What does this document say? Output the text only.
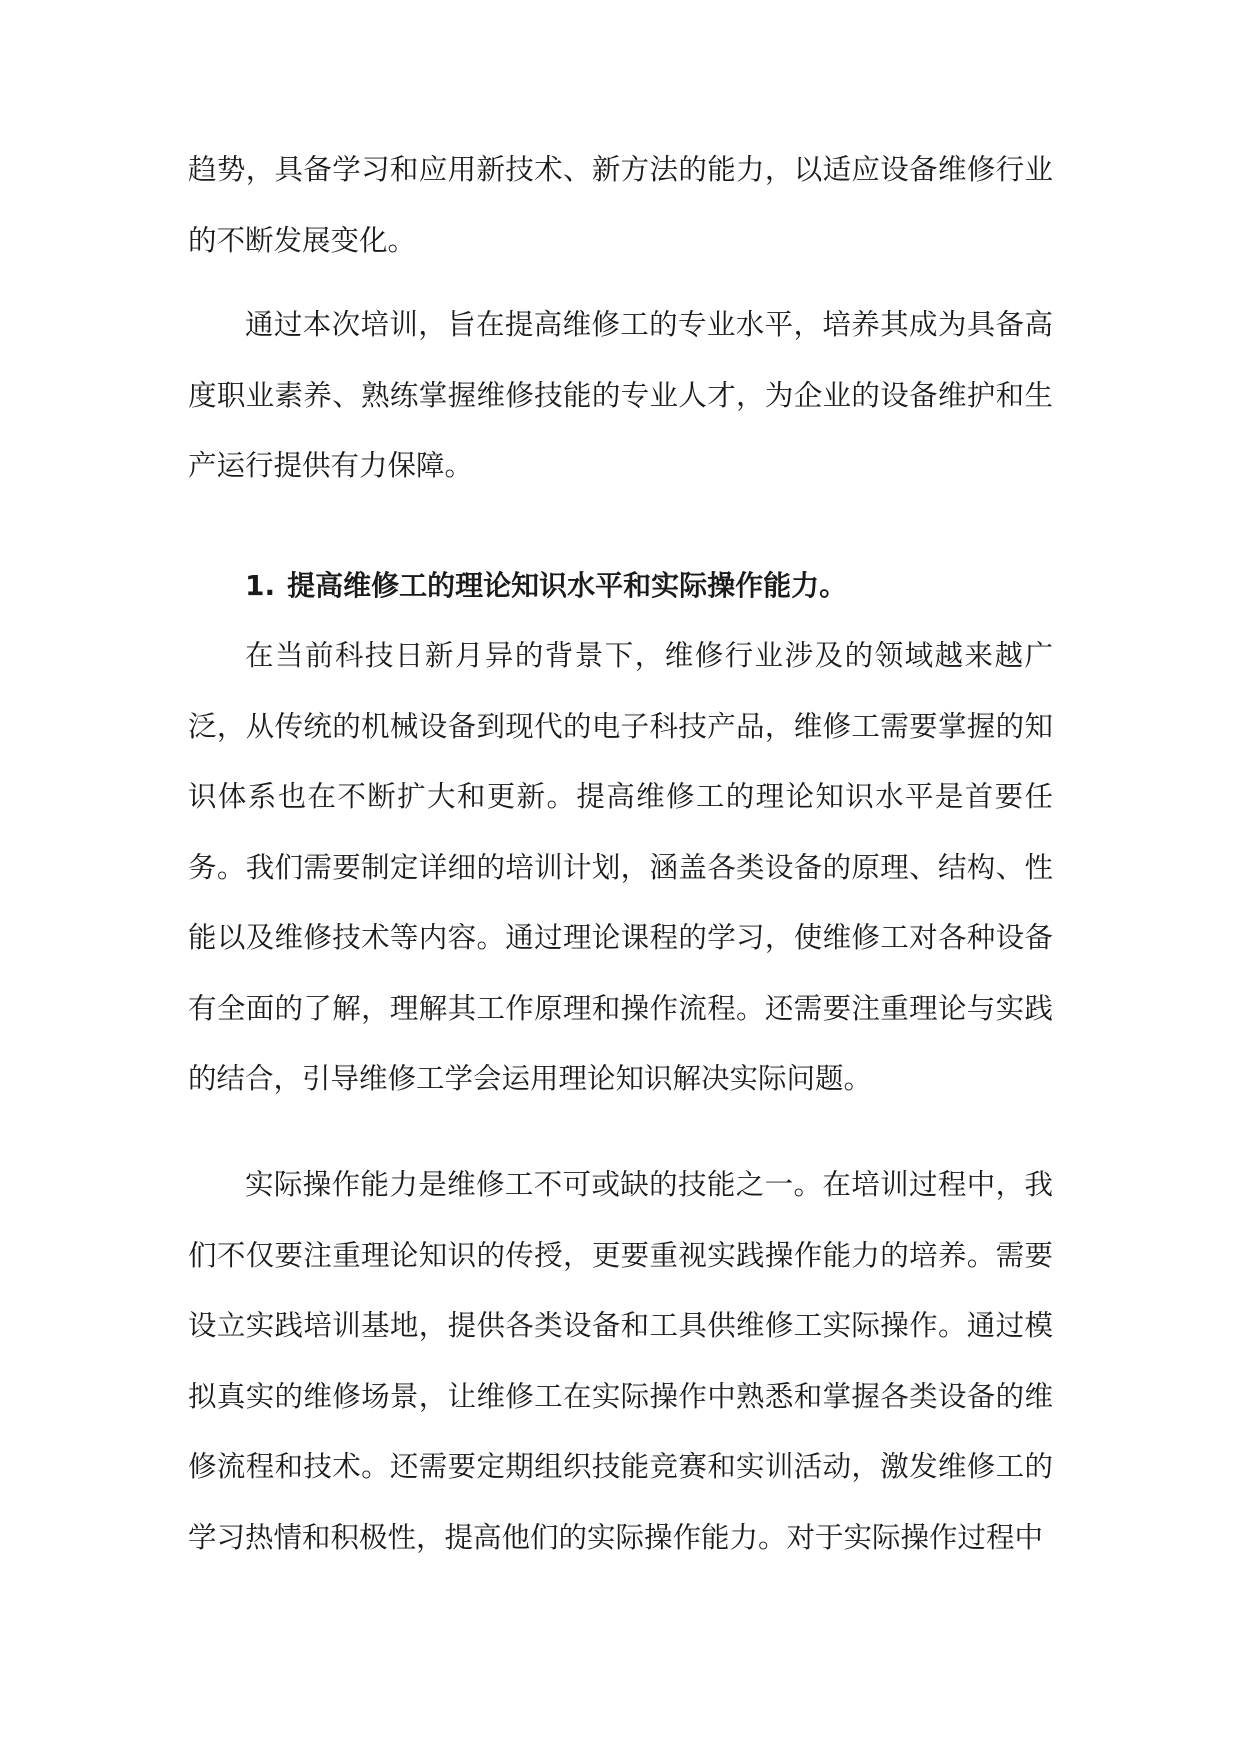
趋势，具备学习和应用新技术、新方法的能力，以适应设备维修行业的不断发展变化。

通过本次培训，旨在提高维修工的专业水平，培养其成为具备高度职业素养、熟练掌握维修技能的专业人才，为企业的设备维护和生产运行提供有力保障。

1. 提高维修工的理论知识水平和实际操作能力。

在当前科技日新月异的背景下，维修行业涉及的领域越来越广泛，从传统的机械设备到现代的电子科技产品，维修工需要掌握的知识体系也在不断扩大和更新。提高维修工的理论知识水平是首要任务。我们需要制定详细的培训计划，涵盖各类设备的原理、结构、性能以及维修技术等内容。通过理论课程的学习，使维修工对各种设备有全面的了解，理解其工作原理和操作流程。还需要注重理论与实践的结合，引导维修工学会运用理论知识解决实际问题。

实际操作能力是维修工不可或缺的技能之一。在培训过程中，我们不仅要注重理论知识的传授，更要重视实践操作能力的培养。需要设立实践培训基地，提供各类设备和工具供维修工实际操作。通过模拟真实的维修场景，让维修工在实际操作中熟悉和掌握各类设备的维修流程和技术。还需要定期组织技能竞赛和实训活动，激发维修工的学习热情和积极性，提高他们的实际操作能力。对于实际操作过程中
